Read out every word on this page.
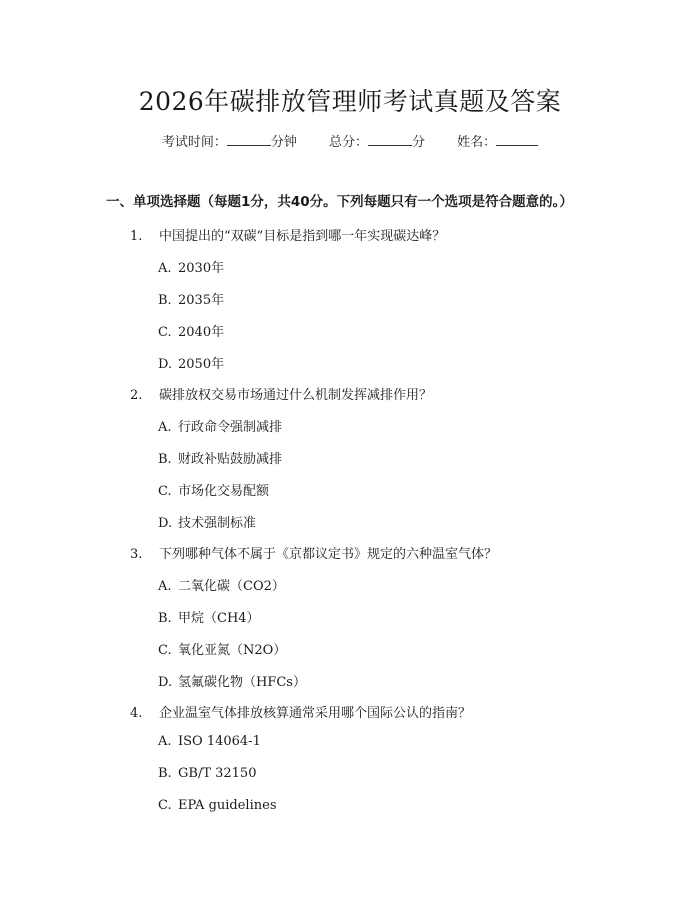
2026年碳排放管理师考试真题及答案
考试时间：	分钟 总分：	分 姓名：
一、单项选择题（每题1分，共40分。下列每题只有一个选项是符合题意的。）
1. 中国提出的“双碳”目标是指到哪一年实现碳达峰？
A. 2030年
B. 2035年
C. 2040年
D. 2050年
2. 碳排放权交易市场通过什么机制发挥减排作用？
A. 行政命令强制减排
B. 财政补贴鼓励减排
C. 市场化交易配额
D. 技术强制标准
3. 下列哪种气体不属于《京都议定书》规定的六种温室气体？
A. 二氧化碳（CO2）
B. 甲烷（CH4）
C. 氧化亚氮（N2O）
D. 氢氟碳化物（HFCs）
4. 企业温室气体排放核算通常采用哪个国际公认的指南？
A. ISO 14064-1
B. GB/T 32150
C. EPA guidelines
